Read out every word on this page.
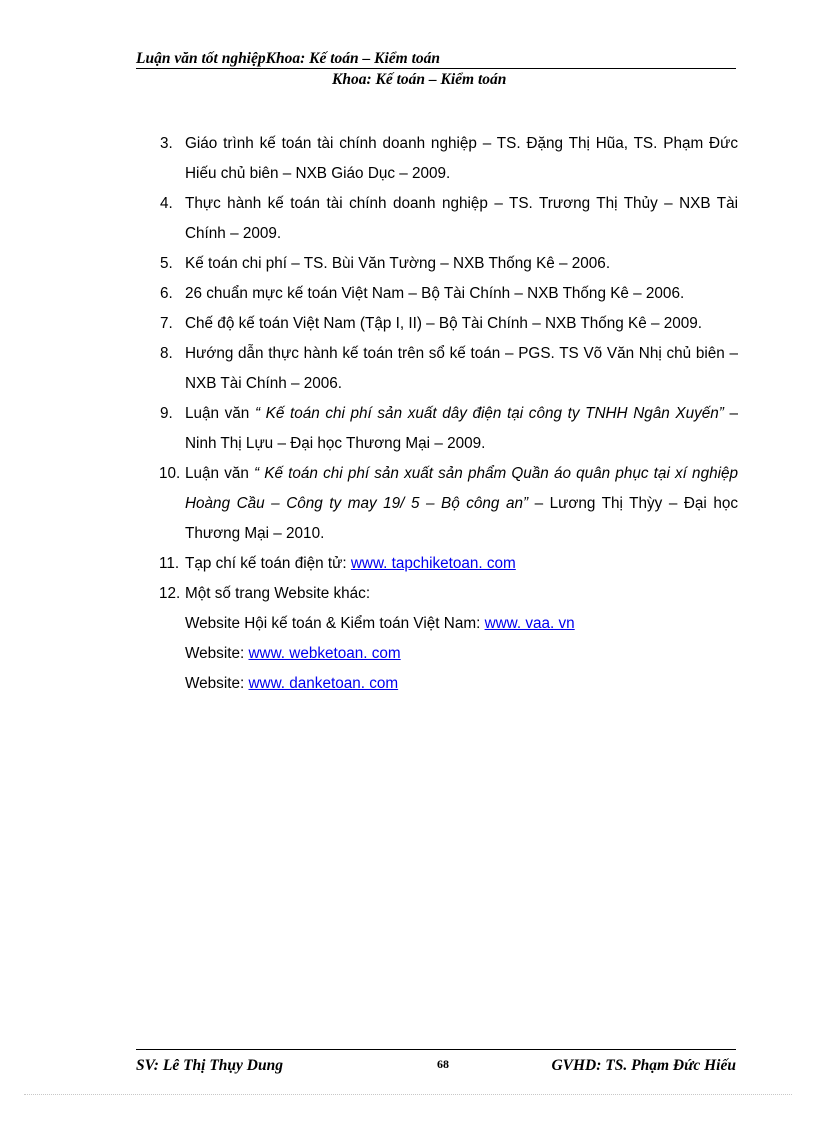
Luận văn tốt nghiệpKhoa: Kế toán – Kiểm toán
Khoa: Kế toán – Kiểm toán
3. Giáo trình kế toán tài chính doanh nghiệp – TS. Đặng Thị Hũa, TS. Phạm Đức Hiếu chủ biên – NXB Giáo Dục – 2009.
4. Thực hành kế toán tài chính doanh nghiệp – TS. Trương Thị Thủy – NXB Tài Chính – 2009.
5. Kế toán chi phí – TS. Bùi Văn Tường – NXB Thống Kê – 2006.
6. 26 chuẩn mực kế toán Việt Nam – Bộ Tài Chính – NXB Thống Kê – 2006.
7. Chế độ kế toán Việt Nam (Tập I, II) – Bộ Tài Chính – NXB Thống Kê – 2009.
8. Hướng dẫn thực hành kế toán trên sổ kế toán – PGS. TS Võ Văn Nhị chủ biên – NXB Tài Chính – 2006.
9. Luận văn “ Kế toán chi phí sản xuất dây điện tại công ty TNHH Ngân Xuyến” – Ninh Thị Lựu – Đại học Thương Mại – 2009.
10. Luận văn “ Kế toán chi phí sản xuất sản phẩm Quần áo quân phục tại xí nghiệp Hoàng Cầu – Công ty may 19/ 5 – Bộ công an” – Lương Thị Thỳy – Đại học Thương Mại – 2010.
11. Tạp chí kế toán điện tử: www. tapchiketoan. com
12. Một số trang Website khác:
Website Hội kế toán & Kiểm toán Việt Nam: www. vaa. vn
Website: www. webketoan. com
Website: www. danketoan. com
SV: Lê Thị Thụy Dung	68	GVHD: TS. Phạm Đức Hiếu
